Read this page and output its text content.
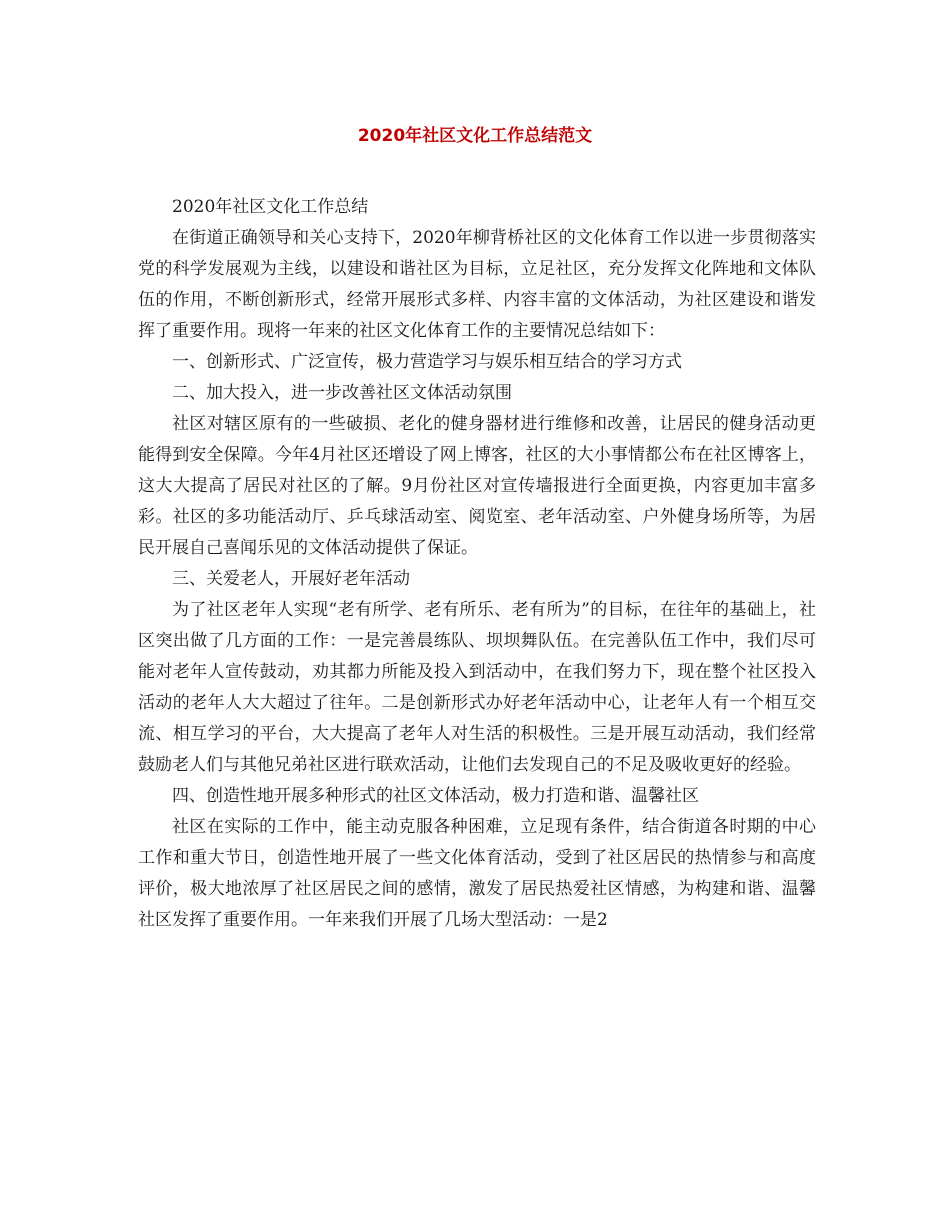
2020年社区文化工作总结范文

2020年社区文化工作总结

在街道正确领导和关心支持下，2020年柳背桥社区的文化体育工作以进一步贯彻落实党的科学发展观为主线，以建设和谐社区为目标，立足社区，充分发挥文化阵地和文体队伍的作用，不断创新形式，经常开展形式多样、内容丰富的文体活动，为社区建设和谐发挥了重要作用。现将一年来的社区文化体育工作的主要情况总结如下：

一、创新形式、广泛宣传，极力营造学习与娱乐相互结合的学习方式

二、加大投入，进一步改善社区文体活动氛围

社区对辖区原有的一些破损、老化的健身器材进行维修和改善，让居民的健身活动更能得到安全保障。今年4月社区还增设了网上博客，社区的大小事情都公布在社区博客上，这大大提高了居民对社区的了解。9月份社区对宣传墙报进行全面更换，内容更加丰富多彩。社区的多功能活动厅、乒乓球活动室、阅览室、老年活动室、户外健身场所等，为居民开展自己喜闻乐见的文体活动提供了保证。

三、关爱老人，开展好老年活动

为了社区老年人实现“老有所学、老有所乐、老有所为”的目标，在往年的基础上，社区突出做了几方面的工作：一是完善晨练队、坝坝舞队伍。在完善队伍工作中，我们尽可能对老年人宣传鼓动，劝其都力所能及投入到活动中，在我们努力下，现在整个社区投入活动的老年人大大超过了往年。二是创新形式办好老年活动中心，让老年人有一个相互交流、相互学习的平台，大大提高了老年人对生活的积极性。三是开展互动活动，我们经常鼓励老人们与其他兄弟社区进行联欢活动，让他们去发现自己的不足及吸收更好的经验。

四、创造性地开展多种形式的社区文体活动，极力打造和谐、温馨社区

社区在实际的工作中，能主动克服各种困难，立足现有条件，结合街道各时期的中心工作和重大节日，创造性地开展了一些文化体育活动，受到了社区居民的热情参与和高度评价，极大地浓厚了社区居民之间的感情，激发了居民热爱社区情感，为构建和谐、温馨社区发挥了重要作用。一年来我们开展了几场大型活动：一是2
